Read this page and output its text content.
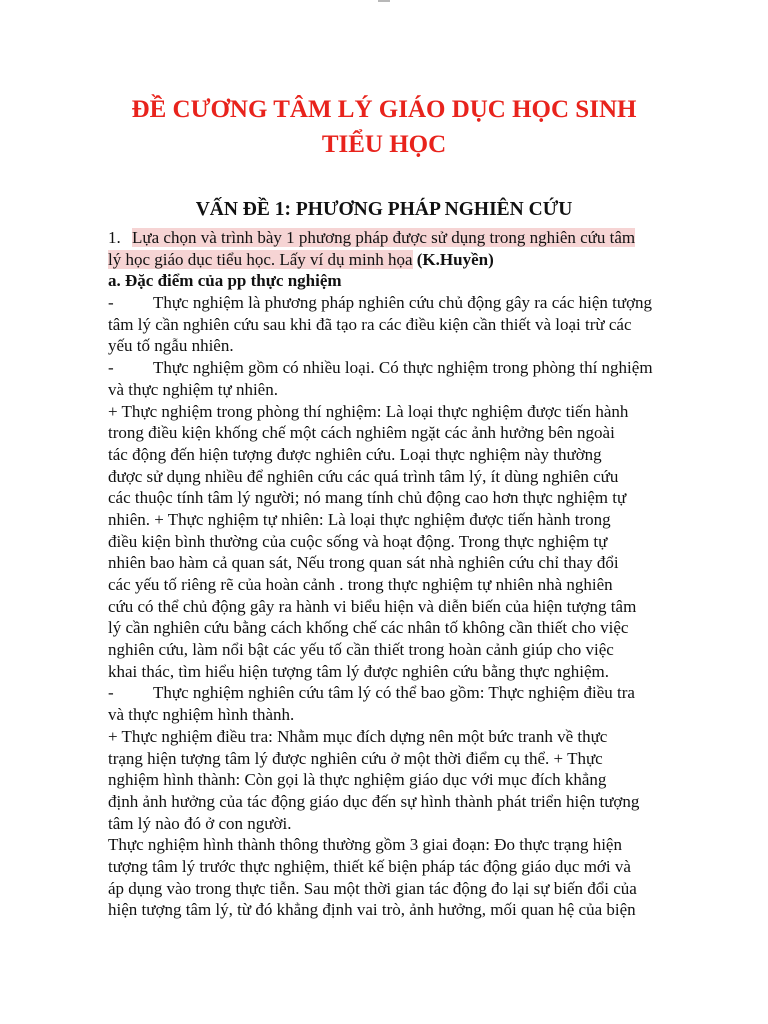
ĐỀ CƯƠNG TÂM LÝ GIÁO DỤC HỌC SINH
TIỂU HỌC
VẤN ĐỀ 1: PHƯƠNG PHÁP NGHIÊN CỨU
1. Lựa chọn và trình bày 1 phương pháp được sử dụng trong nghiên cứu tâm
lý học giáo dục tiểu học. Lấy ví dụ minh họa (K.Huyền)
a. Đặc điểm của pp thực nghiệm
- Thực nghiệm là phương pháp nghiên cứu chủ động gây ra các hiện tượng
tâm lý cần nghiên cứu sau khi đã tạo ra các điều kiện cần thiết và loại trừ các
yếu tố ngẫu nhiên.
- Thực nghiệm gồm có nhiều loại. Có thực nghiệm trong phòng thí nghiệm
và thực nghiệm tự nhiên.
+ Thực nghiệm trong phòng thí nghiệm: Là loại thực nghiệm được tiến hành
trong điều kiện khống chế một cách nghiêm ngặt các ảnh hưởng bên ngoài
tác động đến hiện tượng được nghiên cứu. Loại thực nghiệm này thường
được sử dụng nhiều để nghiên cứu các quá trình tâm lý, ít dùng nghiên cứu
các thuộc tính tâm lý người; nó mang tính chủ động cao hơn thực nghiệm tự
nhiên. + Thực nghiệm tự nhiên: Là loại thực nghiệm được tiến hành trong
điều kiện bình thường của cuộc sống và hoạt động. Trong thực nghiệm tự
nhiên bao hàm cả quan sát, Nếu trong quan sát nhà nghiên cứu chỉ thay đổi
các yếu tố riêng rẽ của hoàn cảnh . trong thực nghiệm tự nhiên nhà nghiên
cứu có thể chủ động gây ra hành vi biểu hiện và diễn biến của hiện tượng tâm
lý cần nghiên cứu bằng cách khống chế các nhân tố không cần thiết cho việc
nghiên cứu, làm nổi bật các yếu tố cần thiết trong hoàn cảnh giúp cho việc
khai thác, tìm hiểu hiện tượng tâm lý được nghiên cứu bằng thực nghiệm.
- Thực nghiệm nghiên cứu tâm lý có thể bao gồm: Thực nghiệm điều tra
và thực nghiệm hình thành.
+ Thực nghiệm điều tra: Nhằm mục đích dựng nên một bức tranh về thực
trạng hiện tượng tâm lý được nghiên cứu ở một thời điểm cụ thể. + Thực
nghiệm hình thành: Còn gọi là thực nghiệm giáo dục với mục đích khẳng
định ảnh hưởng của tác động giáo dục đến sự hình thành phát triển hiện tượng
tâm lý nào đó ở con người.
Thực nghiệm hình thành thông thường gồm 3 giai đoạn: Đo thực trạng hiện
tượng tâm lý trước thực nghiệm, thiết kế biện pháp tác động giáo dục mới và
áp dụng vào trong thực tiễn. Sau một thời gian tác động đo lại sự biến đổi của
hiện tượng tâm lý, từ đó khẳng định vai trò, ảnh hưởng, mối quan hệ của biện
